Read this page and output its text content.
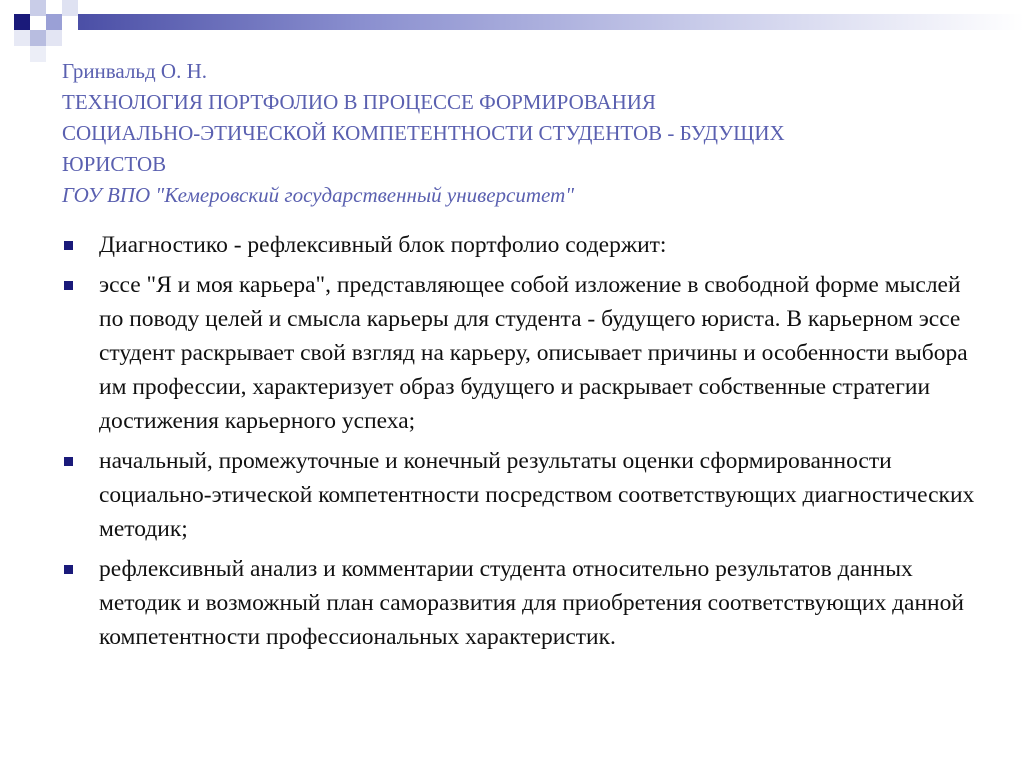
Гринвальд О. Н.
ТЕХНОЛОГИЯ ПОРТФОЛИО В ПРОЦЕССЕ ФОРМИРОВАНИЯ
СОЦИАЛЬНО-ЭТИЧЕСКОЙ КОМПЕТЕНТНОСТИ СТУДЕНТОВ - БУДУЩИХ
ЮРИСТОВ
ГОУ ВПО "Кемеровский государственный университет"
Диагностико - рефлексивный блок портфолио содержит:
эссе "Я и моя карьера", представляющее собой изложение в свободной форме мыслей по поводу целей и смысла карьеры для студента - будущего юриста. В карьерном эссе студент раскрывает свой взгляд на карьеру, описывает причины и особенности выбора им профессии, характеризует образ будущего и раскрывает собственные стратегии достижения карьерного успеха;
начальный, промежуточные и конечный результаты оценки сформированности социально-этической компетентности посредством соответствующих диагностических методик;
рефлексивный анализ и комментарии студента относительно результатов данных методик и возможный план саморазвития для приобретения соответствующих данной компетентности профессиональных характеристик.
